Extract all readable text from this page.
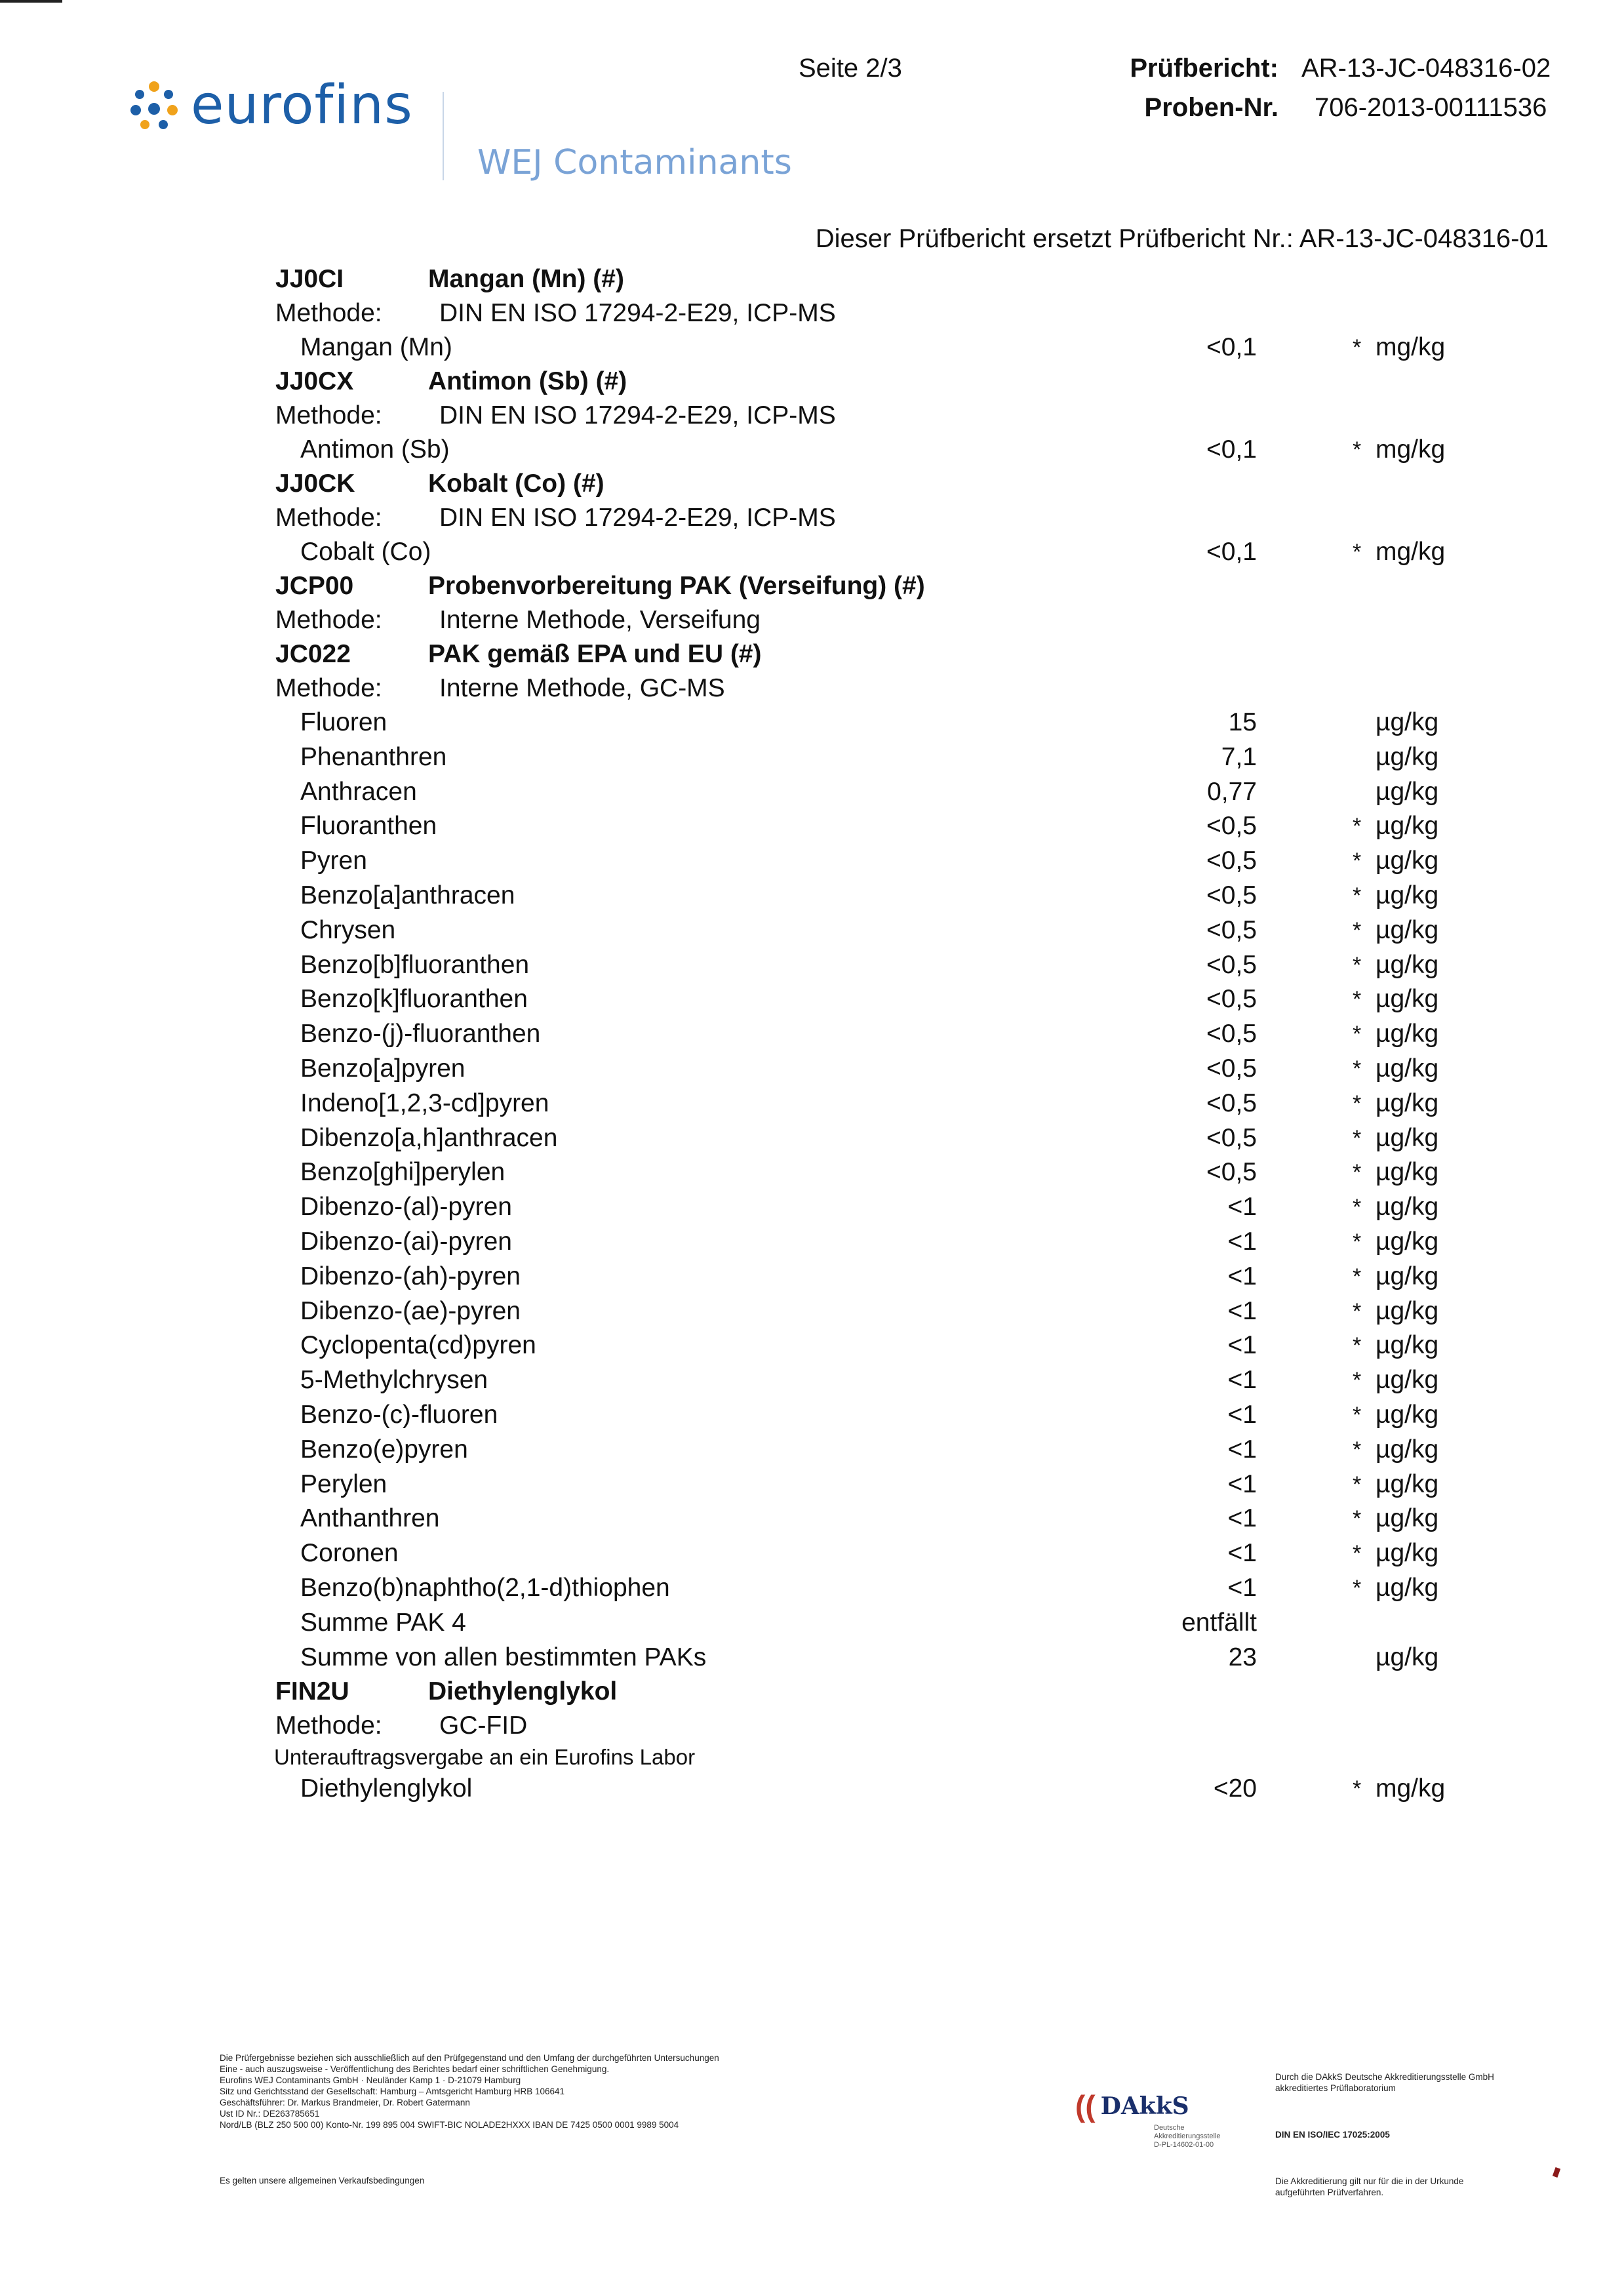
eurofins
WEJ Contaminants
Seite 2/3	Prüfbericht: AR-13-JC-048316-02
Proben-Nr. 706-2013-00111536
Dieser Prüfbericht ersetzt Prüfbericht Nr.: AR-13-JC-048316-01
JJ0CI	Mangan (Mn) (#)
Methode: DIN EN ISO 17294-2-E29, ICP-MS
Mangan (Mn)	<0,1	* mg/kg
JJ0CX	Antimon (Sb) (#)
Methode: DIN EN ISO 17294-2-E29, ICP-MS
Antimon (Sb)	<0,1	* mg/kg
JJ0CK	Kobalt (Co) (#)
Methode: DIN EN ISO 17294-2-E29, ICP-MS
Cobalt (Co)	<0,1	* mg/kg
JCP00	Probenvorbereitung PAK (Verseifung) (#)
Methode: Interne Methode, Verseifung
JC022	PAK gemäß EPA und EU (#)
Methode: Interne Methode, GC-MS
Fluoren	15	µg/kg
Phenanthren	7,1	µg/kg
Anthracen	0,77	µg/kg
Fluoranthen	<0,5	* µg/kg
Pyren	<0,5	* µg/kg
Benzo[a]anthracen	<0,5	* µg/kg
Chrysen	<0,5	* µg/kg
Benzo[b]fluoranthen	<0,5	* µg/kg
Benzo[k]fluoranthen	<0,5	* µg/kg
Benzo-(j)-fluoranthen	<0,5	* µg/kg
Benzo[a]pyren	<0,5	* µg/kg
Indeno[1,2,3-cd]pyren	<0,5	* µg/kg
Dibenzo[a,h]anthracen	<0,5	* µg/kg
Benzo[ghi]perylen	<0,5	* µg/kg
Dibenzo-(al)-pyren	<1	* µg/kg
Dibenzo-(ai)-pyren	<1	* µg/kg
Dibenzo-(ah)-pyren	<1	* µg/kg
Dibenzo-(ae)-pyren	<1	* µg/kg
Cyclopenta(cd)pyren	<1	* µg/kg
5-Methylchrysen	<1	* µg/kg
Benzo-(c)-fluoren	<1	* µg/kg
Benzo(e)pyren	<1	* µg/kg
Perylen	<1	* µg/kg
Anthanthren	<1	* µg/kg
Coronen	<1	* µg/kg
Benzo(b)naphtho(2,1-d)thiophen	<1	* µg/kg
Summe PAK 4	entfällt
Summe von allen bestimmten PAKs	23	µg/kg
FIN2U	Diethylenglykol
Methode: GC-FID
Unterauftragsvergabe an ein Eurofins Labor
Diethylenglykol	<20	* mg/kg
Die Prüfergebnisse beziehen sich ausschließlich auf den Prüfgegenstand und den Umfang der durchgeführten Untersuchungen
Eine - auch auszugsweise - Veröffentlichung des Berichtes bedarf einer schriftlichen Genehmigung.
Eurofins WEJ Contaminants GmbH · Neuländer Kamp 1 · D-21079 Hamburg
Sitz und Gerichtsstand der Gesellschaft: Hamburg – Amtsgericht Hamburg HRB 106641
Geschäftsführer: Dr. Markus Brandmeier, Dr. Robert Gatermann
Ust ID Nr.: DE263785651
Nord/LB (BLZ 250 500 00) Konto-Nr. 199 895 004 SWIFT-BIC NOLADE2HXXX IBAN DE 7425 0500 0001 9989 5004
Es gelten unsere allgemeinen Verkaufsbedingungen
(( DAkkS
Deutsche
Akkreditierungsstelle
D-PL-14602-01-00

Durch die DAkkS Deutsche Akkreditierungsstelle GmbH
akkreditiertes Prüflaboratorium

DIN EN ISO/IEC 17025:2005

Die Akkreditierung gilt nur für die in der Urkunde
aufgeführten Prüfverfahren.
